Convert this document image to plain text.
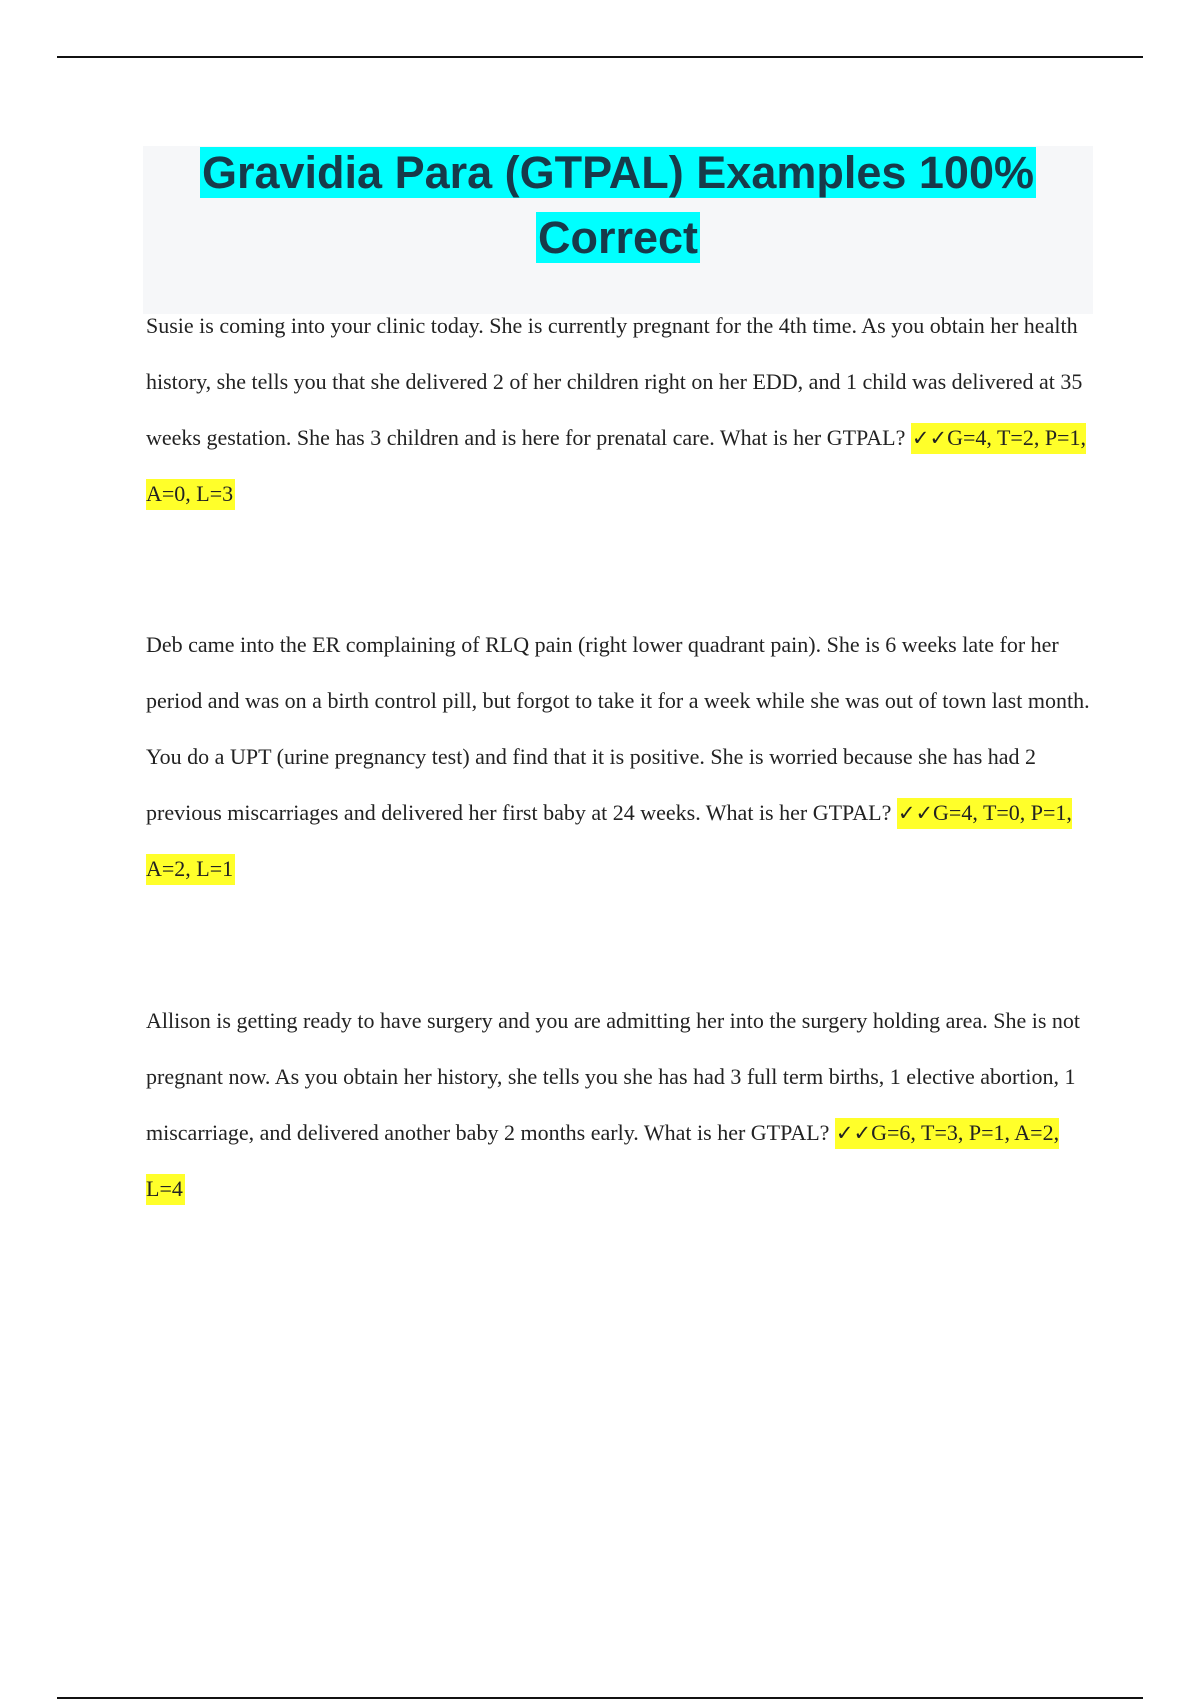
Gravidia Para (GTPAL) Examples 100%
Correct
Susie is coming into your clinic today. She is currently pregnant for the 4th time. As you obtain her health history, she tells you that she delivered 2 of her children right on her EDD, and 1 child was delivered at 35 weeks gestation. She has 3 children and is here for prenatal care. What is her GTPAL? ✓✓G=4, T=2, P=1, A=0, L=3
Deb came into the ER complaining of RLQ pain (right lower quadrant pain). She is 6 weeks late for her period and was on a birth control pill, but forgot to take it for a week while she was out of town last month. You do a UPT (urine pregnancy test) and find that it is positive. She is worried because she has had 2 previous miscarriages and delivered her first baby at 24 weeks. What is her GTPAL? ✓✓G=4, T=0, P=1, A=2, L=1
Allison is getting ready to have surgery and you are admitting her into the surgery holding area. She is not pregnant now. As you obtain her history, she tells you she has had 3 full term births, 1 elective abortion, 1 miscarriage, and delivered another baby 2 months early. What is her GTPAL? ✓✓G=6, T=3, P=1, A=2, L=4
